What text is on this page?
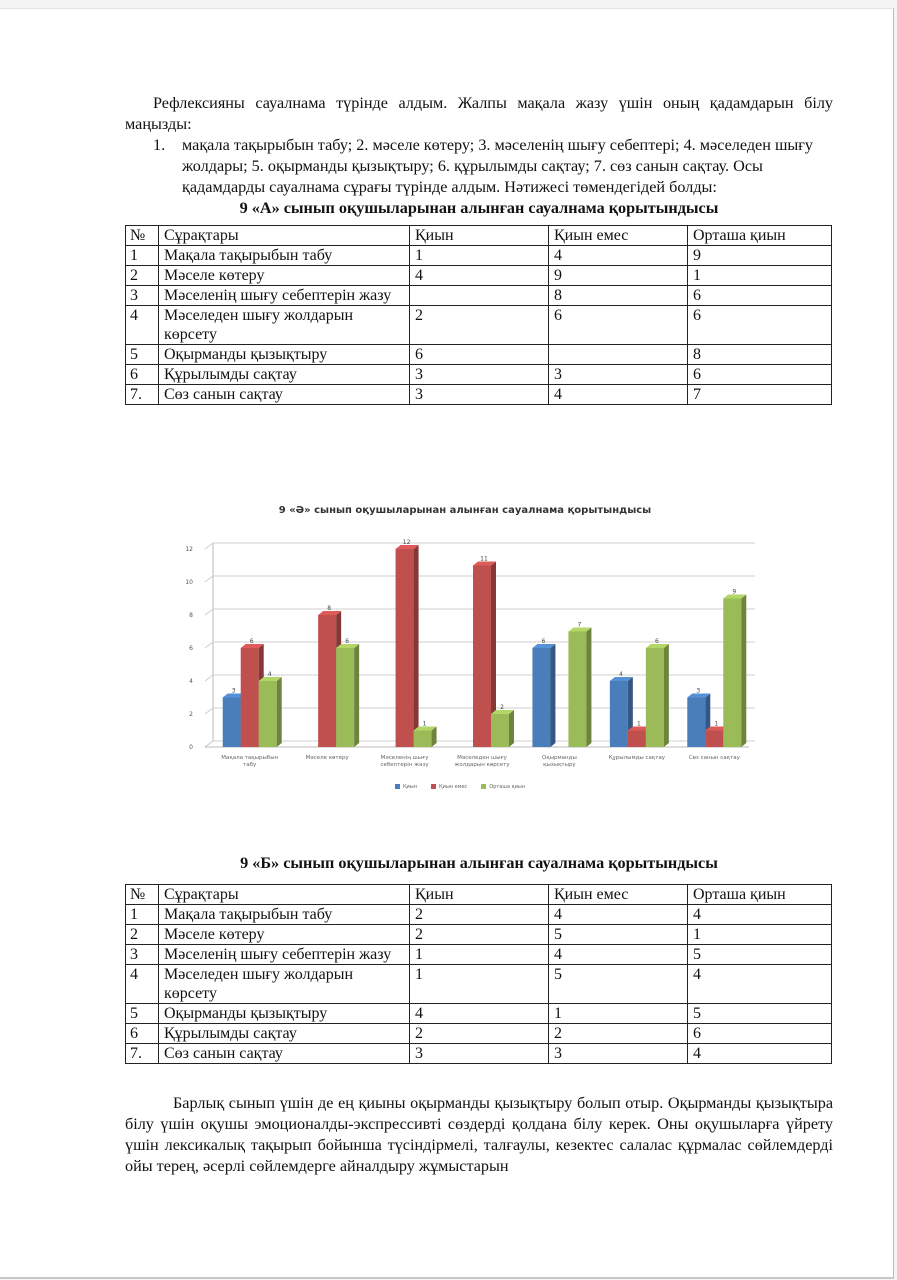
Рефлексияны сауалнама түрінде алдым. Жалпы мақала жазу үшін оның қадамдарын білу маңызды:

1.	мақала тақырыбын табу; 2. мәселе көтеру; 3. мәселенің шығу себептері; 4. мәселеден шығу жолдары; 5. оқырманды қызықтыру; 6. құрылымды сақтау; 7. сөз санын сақтау. Осы қадамдарды сауалнама сұрағы түрінде алдым. Нәтижесі төмендегідей болды:

9 «А» сынып оқушыларынан алынған сауалнама қорытындысы

№	Сұрақтары	Қиын	Қиын емес	Орташа қиын
1	Мақала тақырыбын табу	1	4	9
2	Мәселе көтеру	4	9	1
3	Мәселенің шығу себептерін жазу		8	6
4	Мәселеден шығу жолдарын көрсету	2	6	6
5	Оқырманды қызықтыру	6		8
6	Құрылымды сақтау	3	3	6
7.	Сөз санын сақтау	3	4	7
9 «Ә» сынып оқушыларынан алынған сауалнама қорытындысы
0
2
4
6
8
10
12
3
6
4
Мақала тақырыбын
табу
8
6
Мәселе көтеру
12
1
Мәселенің шығу
себептерін жазу
11
2
Мәселеден шығу
жолдарын көрсету
6
7
Оқырманды
қызықтыру
4
1
6
Құрылымды сақтау
3
1
9
Сөз санын сақтау
Қиын	Қиын емес	Орташа қиын

9 «Б» сынып оқушыларынан алынған сауалнама қорытындысы

№	Сұрақтары	Қиын	Қиын емес	Орташа қиын
1	Мақала тақырыбын табу	2	4	4
2	Мәселе көтеру	2	5	1
3	Мәселенің шығу себептерін жазу	1	4	5
4	Мәселеден шығу жолдарын көрсету	1	5	4
5	Оқырманды қызықтыру	4	1	5
6	Құрылымды сақтау	2	2	6
7.	Сөз санын сақтау	3	3	4

Барлық сынып үшін де ең қиыны оқырманды қызықтыру болып отыр. Оқырманды қызықтыра білу үшін оқушы эмоционалды-экспрессивті сөздерді қолдана білу керек. Оны оқушыларға үйрету үшін лексикалық тақырып бойынша түсіндірмелі, талғаулы, кезектес салалас құрмалас сөйлемдерді ойы терең, әсерлі сөйлемдерге айналдыру жұмыстарын
